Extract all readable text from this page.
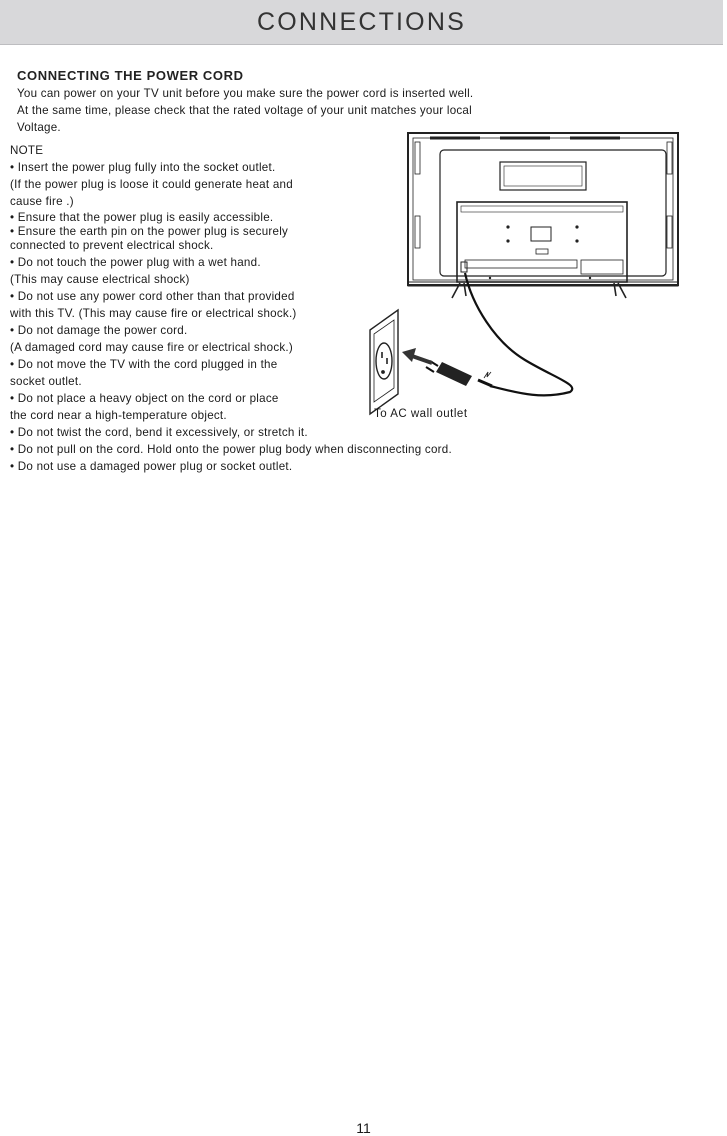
CONNECTIONS
CONNECTING THE POWER CORD
You can power on your TV unit before you make sure the power cord is inserted well.
At the same time, please check that the rated voltage of your unit matches your local
Voltage.
NOTE
• Insert the power plug fully into the socket outlet.
(If the power plug is loose it could generate heat and
cause fire .)
• Ensure that the power plug is easily accessible.
• Ensure the earth pin on the power plug is securely
connected to prevent electrical shock.
• Do not touch the power plug with a wet hand.
(This may cause electrical shock)
• Do not use any power cord other than that provided
with this TV. (This may cause fire or electrical shock.)
• Do not damage the power cord.
(A damaged cord may cause fire or electrical shock.)
• Do not move the TV with the cord plugged in the
socket outlet.
• Do not place a heavy object on the cord or place
the cord near a high-temperature object.
• Do not twist the cord, bend it excessively, or stretch it.
• Do not pull on the cord. Hold onto the power plug body when disconnecting cord.
• Do not use a damaged power plug or socket outlet.
To AC wall outlet
11
